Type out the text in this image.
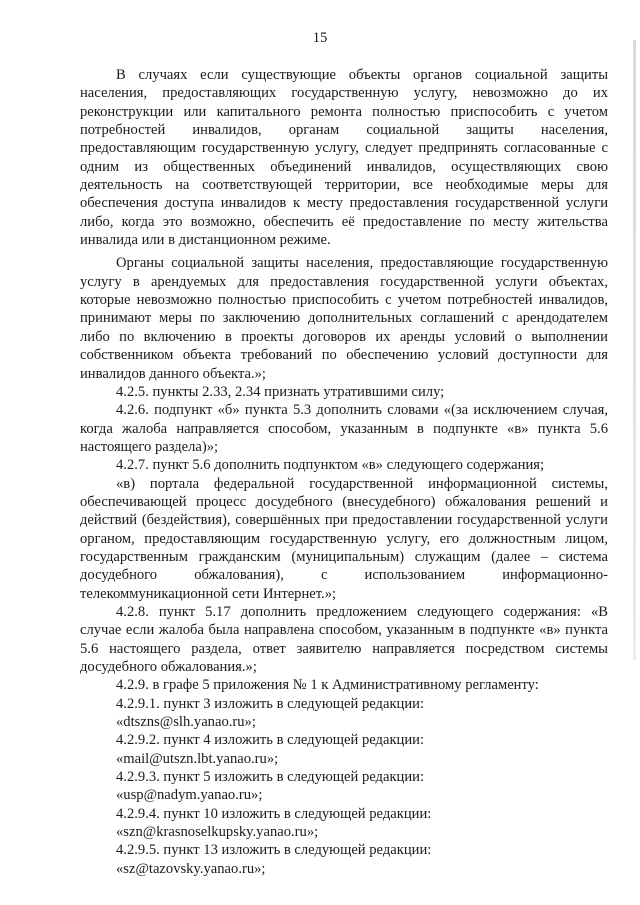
15

В случаях если существующие объекты органов социальной защиты населения, предоставляющих государственную услугу, невозможно до их реконструкции или капитального ремонта полностью приспособить с учетом потребностей инвалидов, органам социальной защиты населения, предоставляющим государственную услугу, следует предпринять согласованные с одним из общественных объединений инвалидов, осуществляющих свою деятельность на соответствующей территории, все необходимые меры для обеспечения доступа инвалидов к месту предоставления государственной услуги либо, когда это возможно, обеспечить её предоставление по месту жительства инвалида или в дистанционном режиме.

Органы социальной защиты населения, предоставляющие государственную услугу в арендуемых для предоставления государственной услуги объектах, которые невозможно полностью приспособить с учетом потребностей инвалидов, принимают меры по заключению дополнительных соглашений с арендодателем либо по включению в проекты договоров их аренды условий о выполнении собственником объекта требований по обеспечению условий доступности для инвалидов данного объекта.»;

4.2.5. пункты 2.33, 2.34 признать утратившими силу;

4.2.6. подпункт «б» пункта 5.3 дополнить словами «(за исключением случая, когда жалоба направляется способом, указанным в подпункте «в» пункта 5.6 настоящего раздела)»;

4.2.7. пункт 5.6 дополнить подпунктом «в» следующего содержания;

«в) портала федеральной государственной информационной системы, обеспечивающей процесс досудебного (внесудебного) обжалования решений и действий (бездействия), совершённых при предоставлении государственной услуги органом, предоставляющим государственную услугу, его должностным лицом, государственным гражданским (муниципальным) служащим (далее – система досудебного обжалования), с использованием информационно-телекоммуникационной сети Интернет.»;

4.2.8. пункт 5.17 дополнить предложением следующего содержания: «В случае если жалоба была направлена способом, указанным в подпункте «в» пункта 5.6 настоящего раздела, ответ заявителю направляется посредством системы досудебного обжалования.»;

4.2.9. в графе 5 приложения № 1 к Административному регламенту:

4.2.9.1. пункт 3 изложить в следующей редакции:

«dtszns@slh.yanao.ru»;

4.2.9.2. пункт 4 изложить в следующей редакции:

«mail@utszn.lbt.yanao.ru»;

4.2.9.3. пункт 5 изложить в следующей редакции:

«usp@nadym.yanao.ru»;

4.2.9.4. пункт 10 изложить в следующей редакции:

«szn@krasnoselkupsky.yanao.ru»;

4.2.9.5. пункт 13 изложить в следующей редакции:

«sz@tazovsky.yanao.ru»;
